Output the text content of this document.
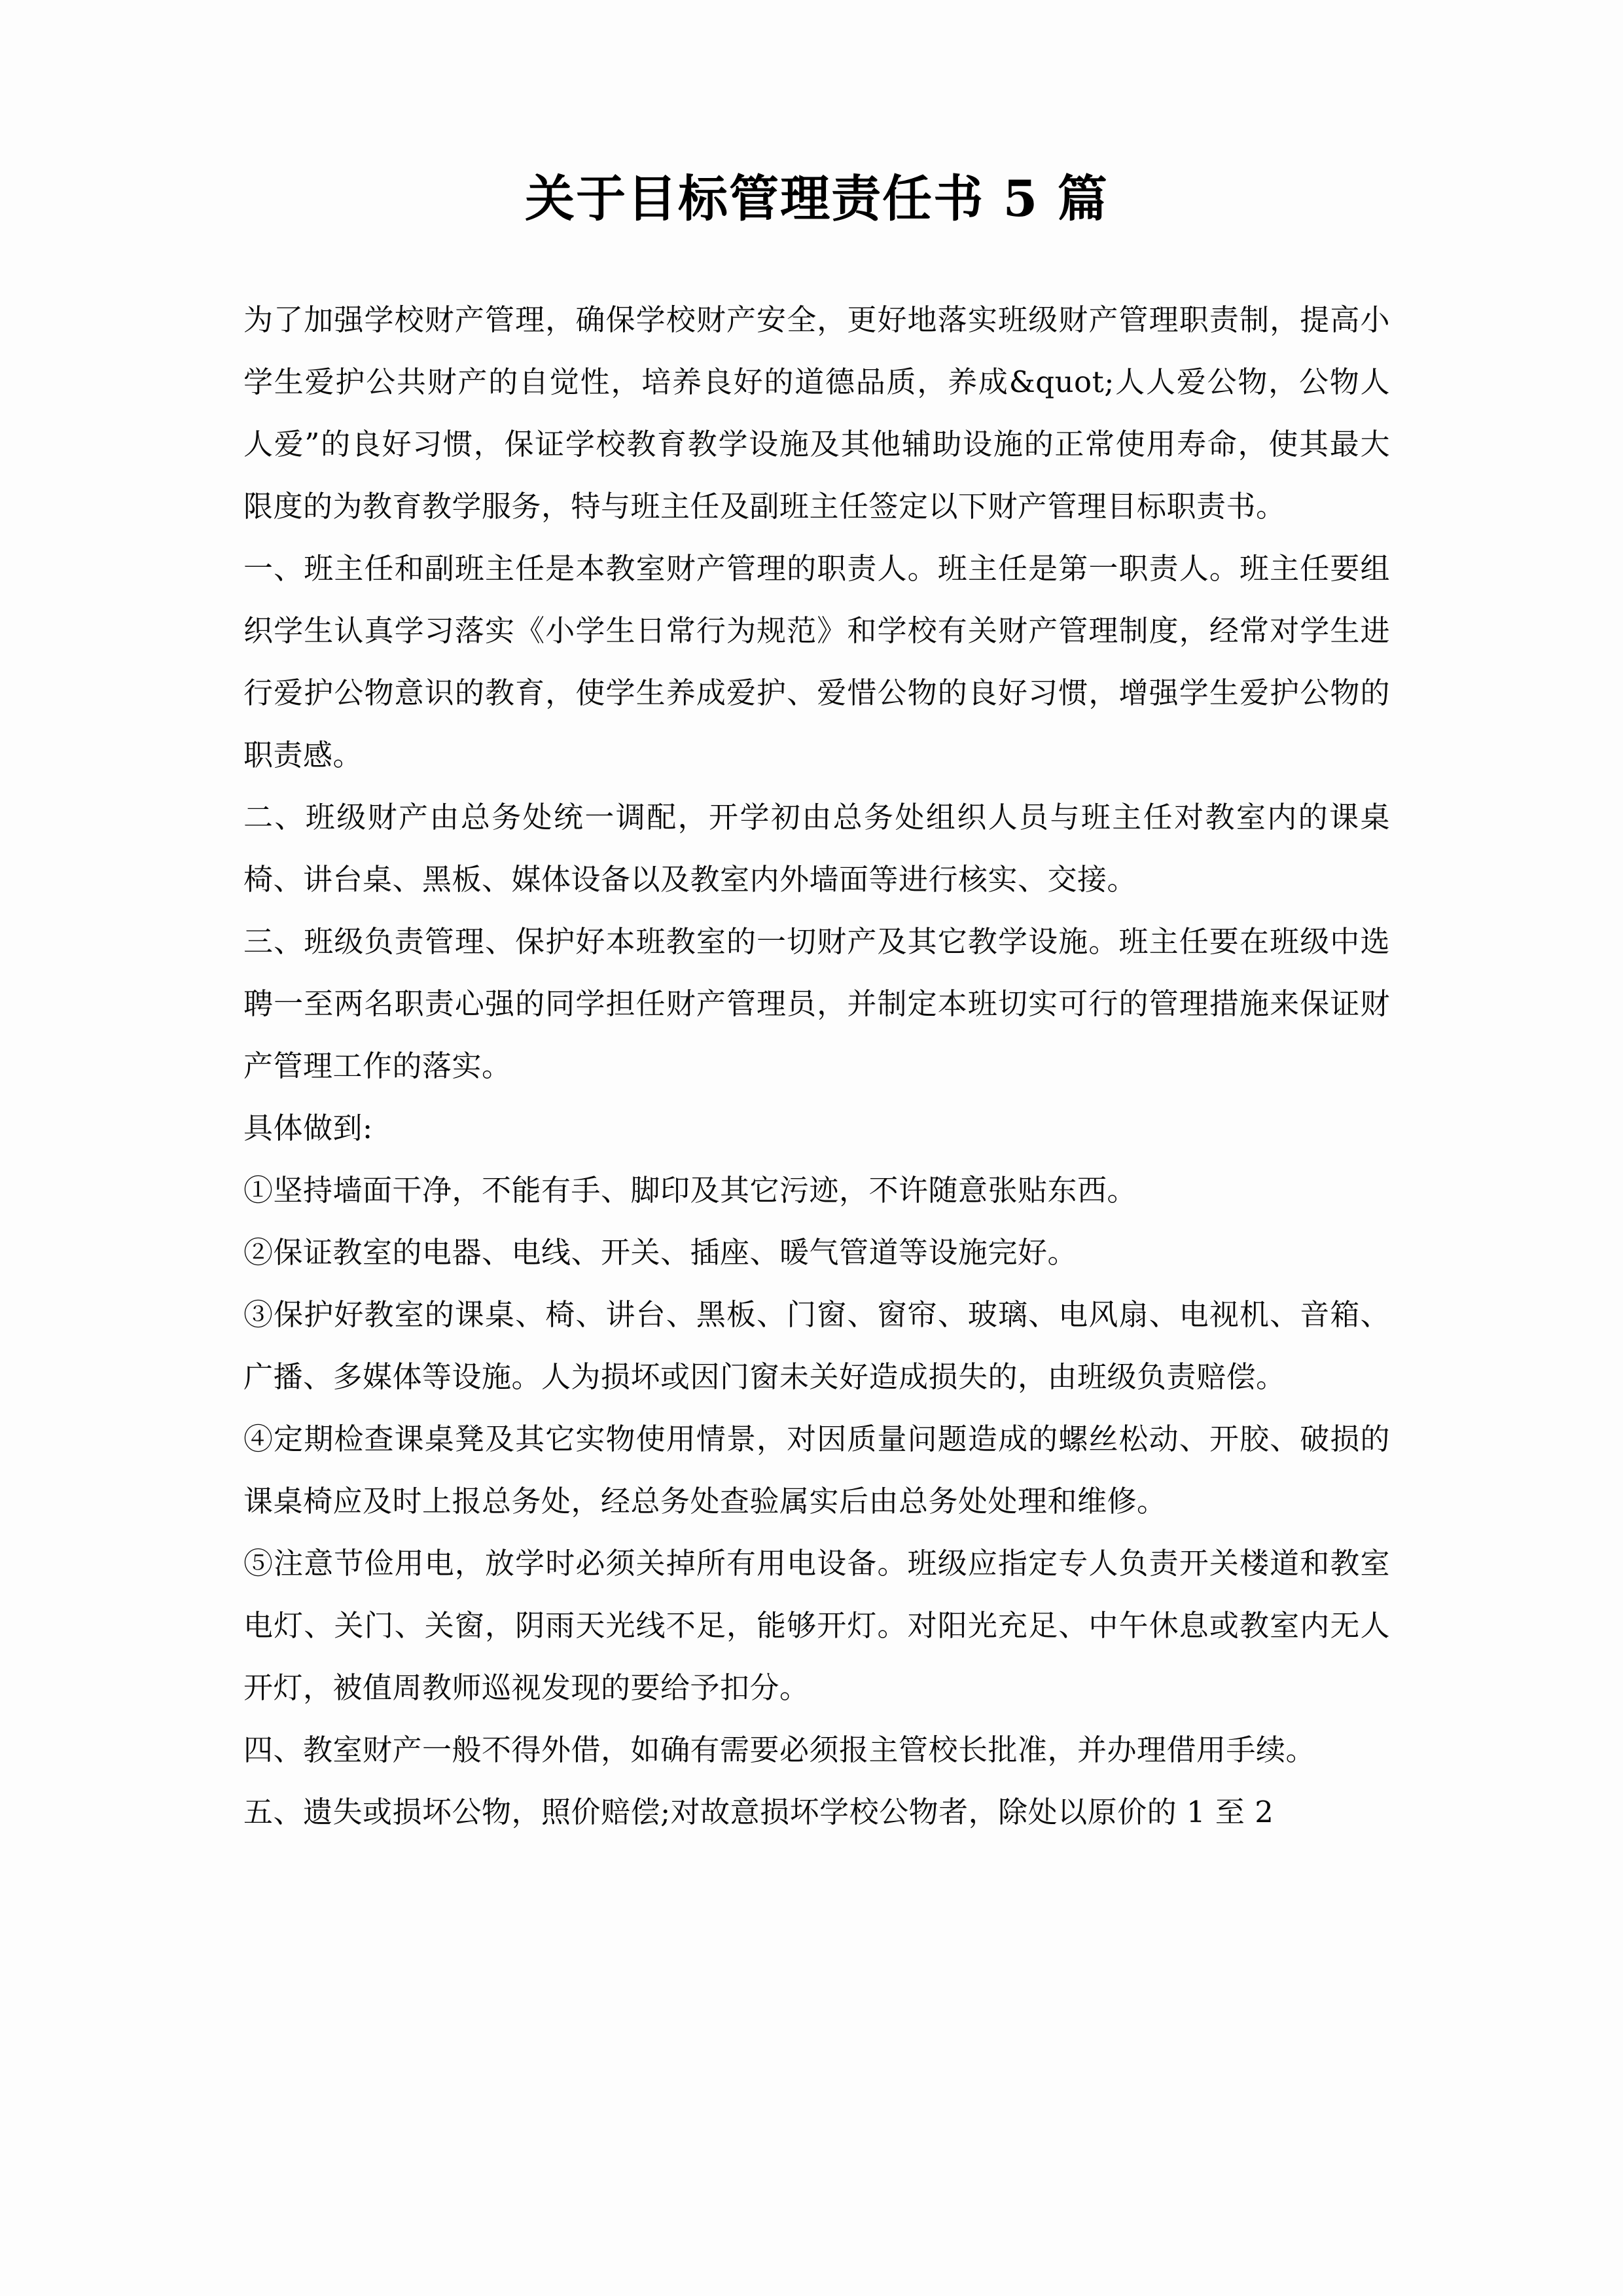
关于目标管理责任书 5 篇

为了加强学校财产管理，确保学校财产安全，更好地落实班级财产管理职责制，提高小学生爱护公共财产的自觉性，培养良好的道德品质，养成&quot;人人爱公物，公物人人爱”的良好习惯，保证学校教育教学设施及其他辅助设施的正常使用寿命，使其最大限度的为教育教学服务，特与班主任及副班主任签定以下财产管理目标职责书。

一、班主任和副班主任是本教室财产管理的职责人。班主任是第一职责人。班主任要组织学生认真学习落实《小学生日常行为规范》和学校有关财产管理制度，经常对学生进行爱护公物意识的教育，使学生养成爱护、爱惜公物的良好习惯，增强学生爱护公物的职责感。

二、班级财产由总务处统一调配，开学初由总务处组织人员与班主任对教室内的课桌椅、讲台桌、黑板、媒体设备以及教室内外墙面等进行核实、交接。

三、班级负责管理、保护好本班教室的一切财产及其它教学设施。班主任要在班级中选聘一至两名职责心强的同学担任财产管理员，并制定本班切实可行的管理措施来保证财产管理工作的落实。

具体做到:

①坚持墙面干净，不能有手、脚印及其它污迹，不许随意张贴东西。

②保证教室的电器、电线、开关、插座、暖气管道等设施完好。

③保护好教室的课桌、椅、讲台、黑板、门窗、窗帘、玻璃、电风扇、电视机、音箱、广播、多媒体等设施。人为损坏或因门窗未关好造成损失的，由班级负责赔偿。

④定期检查课桌凳及其它实物使用情景，对因质量问题造成的螺丝松动、开胶、破损的课桌椅应及时上报总务处，经总务处查验属实后由总务处处理和维修。

⑤注意节俭用电，放学时必须关掉所有用电设备。班级应指定专人负责开关楼道和教室电灯、关门、关窗，阴雨天光线不足，能够开灯。对阳光充足、中午休息或教室内无人开灯，被值周教师巡视发现的要给予扣分。

四、教室财产一般不得外借，如确有需要必须报主管校长批准，并办理借用手续。

五、遗失或损坏公物，照价赔偿;对故意损坏学校公物者，除处以原价的 1 至 2
